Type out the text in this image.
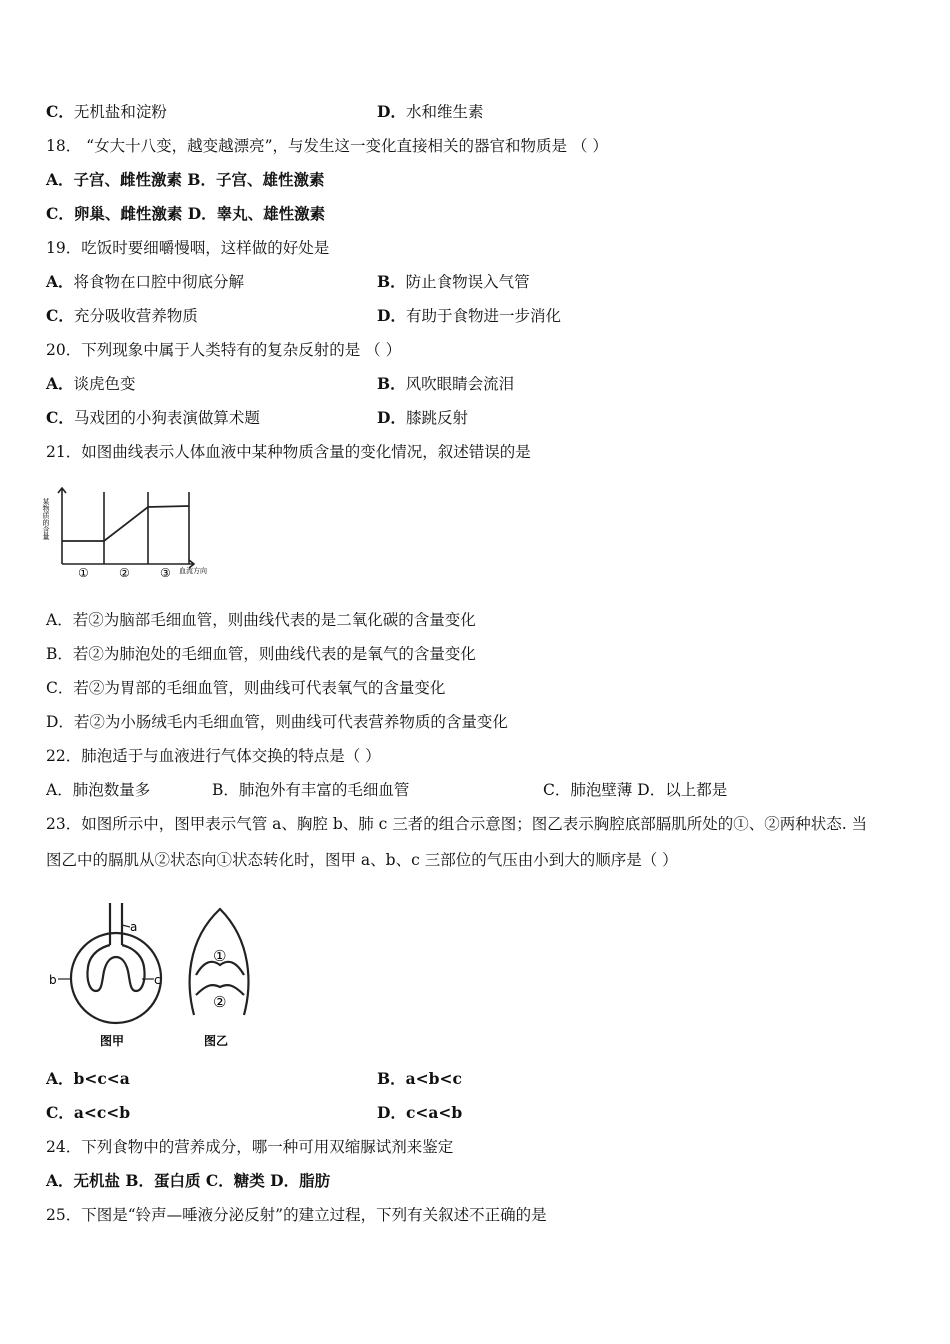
C．无机盐和淀粉	D．水和维生素
18． “女大十八变，越变越漂亮”，与发生这一变化直接相关的器官和物质是 （ ）
A．子宫、雌性激素 B．子宫、雄性激素
C．卵巢、雌性激素 D．睾丸、雄性激素
19．吃饭时要细嚼慢咽，这样做的好处是
A．将食物在口腔中彻底分解	B．防止食物误入气管
C．充分吸收营养物质	D．有助于食物进一步消化
20．下列现象中属于人类特有的复杂反射的是 （ ）
A．谈虎色变	B．风吹眼睛会流泪
C．马戏团的小狗表演做算术题	D．膝跳反射
21．如图曲线表示人体血液中某种物质含量的变化情况，叙述错误的是
某物质的含量
①	②	③ 血流方向
A．若②为脑部毛细血管，则曲线代表的是二氧化碳的含量变化
B．若②为肺泡处的毛细血管，则曲线代表的是氧气的含量变化
C．若②为胃部的毛细血管，则曲线可代表氧气的含量变化
D．若②为小肠绒毛内毛细血管，则曲线可代表营养物质的含量变化
22．肺泡适于与血液进行气体交换的特点是（ ）
A．肺泡数量多	B．肺泡外有丰富的毛细血管	C．肺泡壁薄 D．以上都是
23．如图所示中，图甲表示气管 a、胸腔 b、肺 c 三者的组合示意图；图乙表示胸腔底部膈肌所处的①、②两种状态. 当
图乙中的膈肌从②状态向①状态转化时，图甲 a、b、c 三部位的气压由小到大的顺序是（ ）
a
b	c
图甲
①
②
图乙
A．b<c<a	B．a<b<c
C．a<c<b	D．c<a<b
24．下列食物中的营养成分，哪一种可用双缩脲试剂来鉴定
A．无机盐 B．蛋白质 C．糖类 D．脂肪
25．下图是“铃声—唾液分泌反射”的建立过程，下列有关叙述不正确的是
